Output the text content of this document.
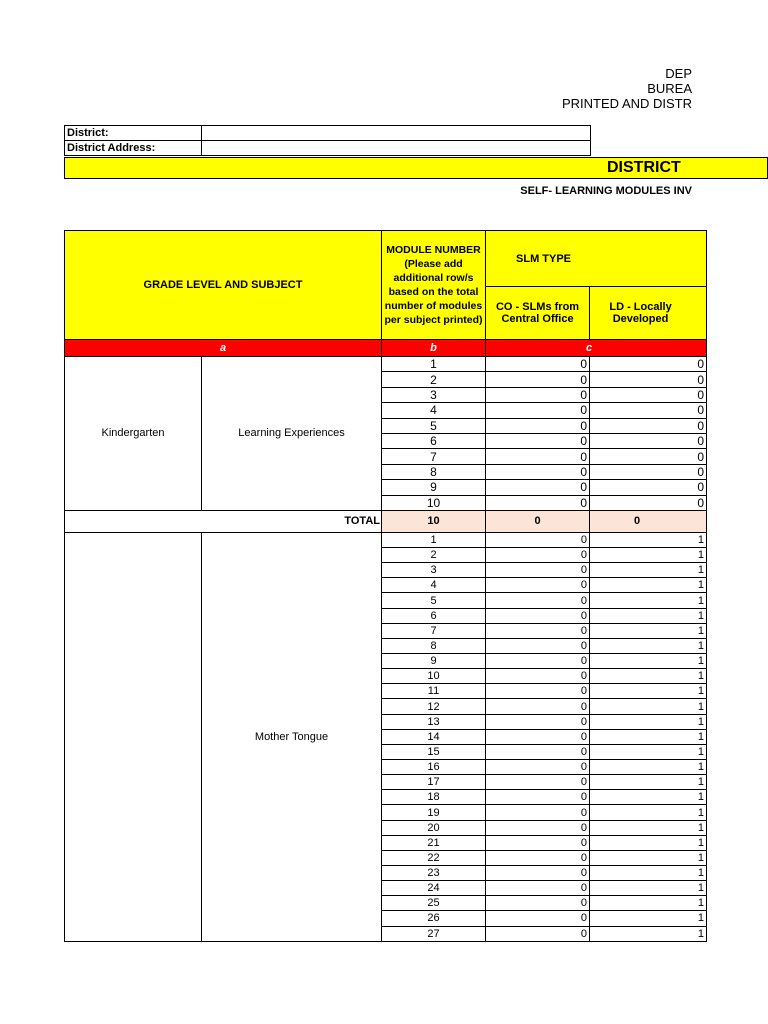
DEP
BUREA
PRINTED AND DISTR
District:	
District Address:	
DISTRICT
SELF- LEARNING MODULES INV
GRADE LEVEL AND SUBJECT		MODULE NUMBER (Please add additional row/s based on the total number of modules per subject printed)	SLM TYPE	
			CO - SLMs from Central Office	LD - Locally Developed
a		b	c	
Kindergarten	Learning Experiences	1	0	0
		2	0	0
		3	0	0
		4	0	0
		5	0	0
		6	0	0
		7	0	0
		8	0	0
		9	0	0
		10	0	0
TOTAL		10	0	0
	Mother Tongue	1	0	1
		2	0	1
		3	0	1
		4	0	1
		5	0	1
		6	0	1
		7	0	1
		8	0	1
		9	0	1
		10	0	1
		11	0	1
		12	0	1
		13	0	1
		14	0	1
		15	0	1
		16	0	1
		17	0	1
		18	0	1
		19	0	1
		20	0	1
		21	0	1
		22	0	1
		23	0	1
		24	0	1
		25	0	1
		26	0	1
		27	0	1
